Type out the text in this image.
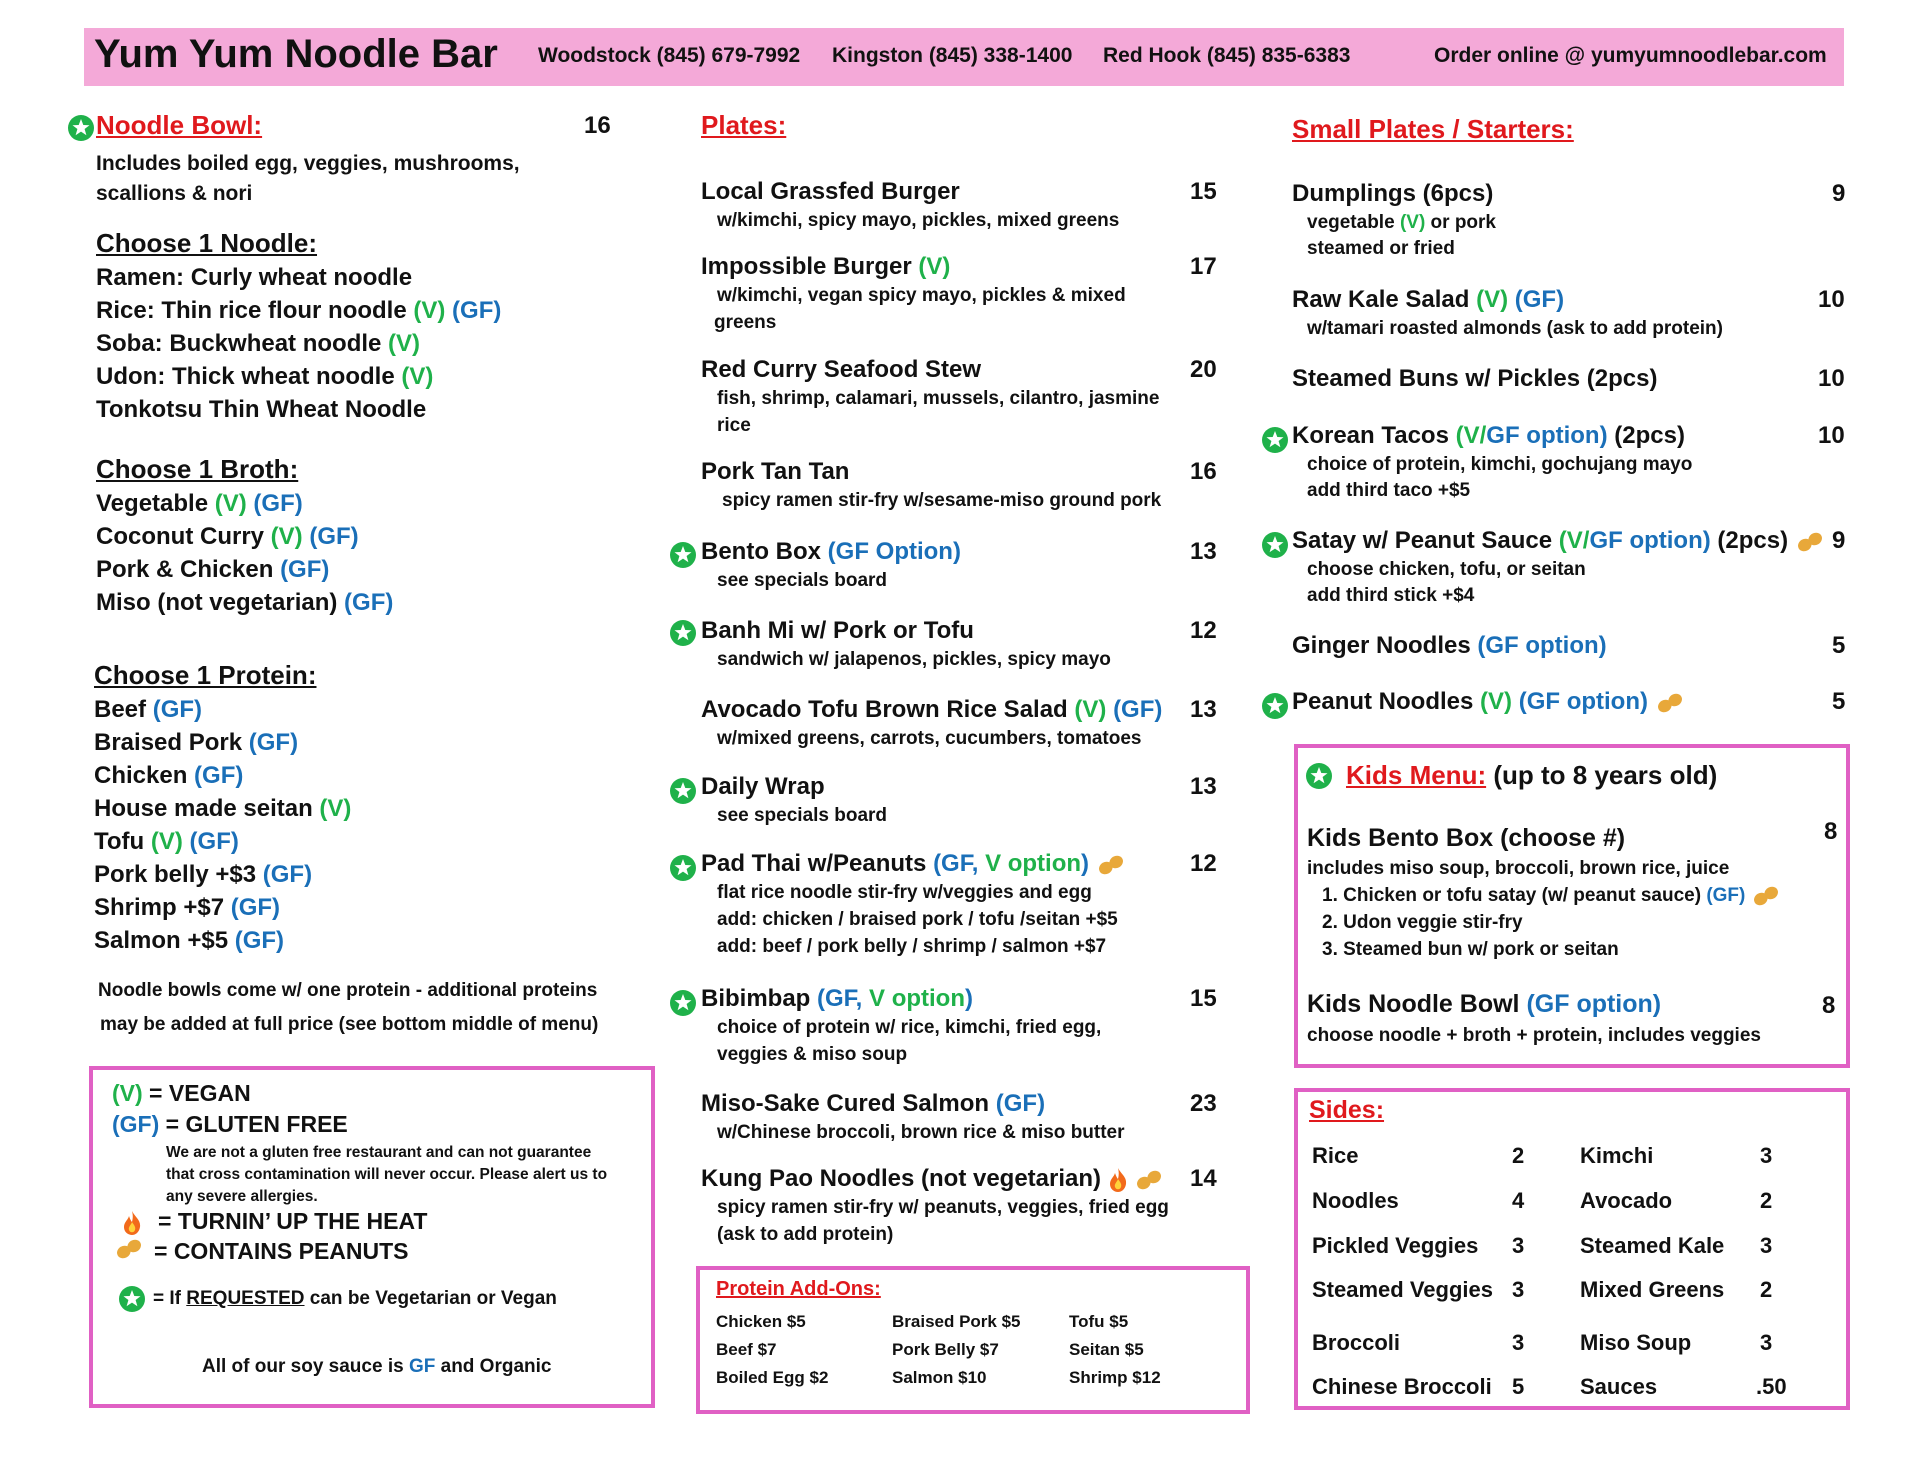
Yum Yum Noodle Bar Woodstock (845) 679-7992 Kingston (845) 338-1400 Red Hook (845) 835-6383	Order online @ yumyumnoodlebar.com
Noodle Bowl:	16
Includes boiled egg, veggies, mushrooms,
scallions & nori
Choose 1 Noodle:
Ramen: Curly wheat noodle
Rice: Thin rice flour noodle (V) (GF)
Soba: Buckwheat noodle (V)
Udon: Thick wheat noodle (V)
Tonkotsu Thin Wheat Noodle
Choose 1 Broth:
Vegetable (V) (GF)
Coconut Curry (V) (GF)
Pork & Chicken (GF)
Miso (not vegetarian) (GF)
Choose 1 Protein:
Beef (GF)
Braised Pork (GF)
Chicken (GF)
House made seitan (V)
Tofu (V) (GF)
Pork belly +$3 (GF)
Shrimp +$7 (GF)
Salmon +$5 (GF)
Noodle bowls come w/ one protein - additional proteins
may be added at full price (see bottom middle of menu)
(V) = VEGAN
(GF) = GLUTEN FREE
We are not a gluten free restaurant and can not guarantee
that cross contamination will never occur. Please alert us to
any severe allergies.
= TURNIN’ UP THE HEAT
= CONTAINS PEANUTS
= If REQUESTED can be Vegetarian or Vegan
All of our soy sauce is GF and Organic
Plates:
Local Grassfed Burger	15
w/kimchi, spicy mayo, pickles, mixed greens
Impossible Burger (V)	17
w/kimchi, vegan spicy mayo, pickles & mixed
greens
Red Curry Seafood Stew	20
fish, shrimp, calamari, mussels, cilantro, jasmine
rice
Pork Tan Tan	16
spicy ramen stir-fry w/sesame-miso ground pork
Bento Box (GF Option)	13
see specials board
Banh Mi w/ Pork or Tofu	12
sandwich w/ jalapenos, pickles, spicy mayo
Avocado Tofu Brown Rice Salad (V) (GF) 13
w/mixed greens, carrots, cucumbers, tomatoes
Daily Wrap	13
see specials board
Pad Thai w/Peanuts (GF, V option)	12
flat rice noodle stir-fry w/veggies and egg
add: chicken / braised pork / tofu /seitan +$5
add: beef / pork belly / shrimp / salmon +$7
Bibimbap (GF, V option)	15
choice of protein w/ rice, kimchi, fried egg,
veggies & miso soup
Miso-Sake Cured Salmon (GF)	23
w/Chinese broccoli, brown rice & miso butter
Kung Pao Noodles (not vegetarian)	14
spicy ramen stir-fry w/ peanuts, veggies, fried egg
(ask to add protein)
Protein Add-Ons:
Chicken $5	Braised Pork $5	Tofu $5
Beef $7	Pork Belly $7	Seitan $5
Boiled Egg $2	Salmon $10	Shrimp $12
Small Plates / Starters:
Dumplings (6pcs)	9
vegetable (V) or pork
steamed or fried
Raw Kale Salad (V) (GF)	10
w/tamari roasted almonds (ask to add protein)
Steamed Buns w/ Pickles (2pcs)	10
Korean Tacos (V/GF option) (2pcs)	10
choice of protein, kimchi, gochujang mayo
add third taco +$5
Satay w/ Peanut Sauce (V/GF option) (2pcs)	9
choose chicken, tofu, or seitan
add third stick +$4
Ginger Noodles (GF option)	5
Peanut Noodles (V) (GF option)	5
Kids Menu: (up to 8 years old)
Kids Bento Box (choose #)	8
includes miso soup, broccoli, brown rice, juice
1. Chicken or tofu satay (w/ peanut sauce) (GF)
2. Udon veggie stir-fry
3. Steamed bun w/ pork or seitan
Kids Noodle Bowl (GF option)	8
choose noodle + broth + protein, includes veggies
Sides:
Rice	2	Kimchi	3
Noodles	4	Avocado	2
Pickled Veggies 3	Steamed Kale 3
Steamed Veggies 3	Mixed Greens 2
Broccoli	3	Miso Soup	3
Chinese Broccoli 5	Sauces	.50
